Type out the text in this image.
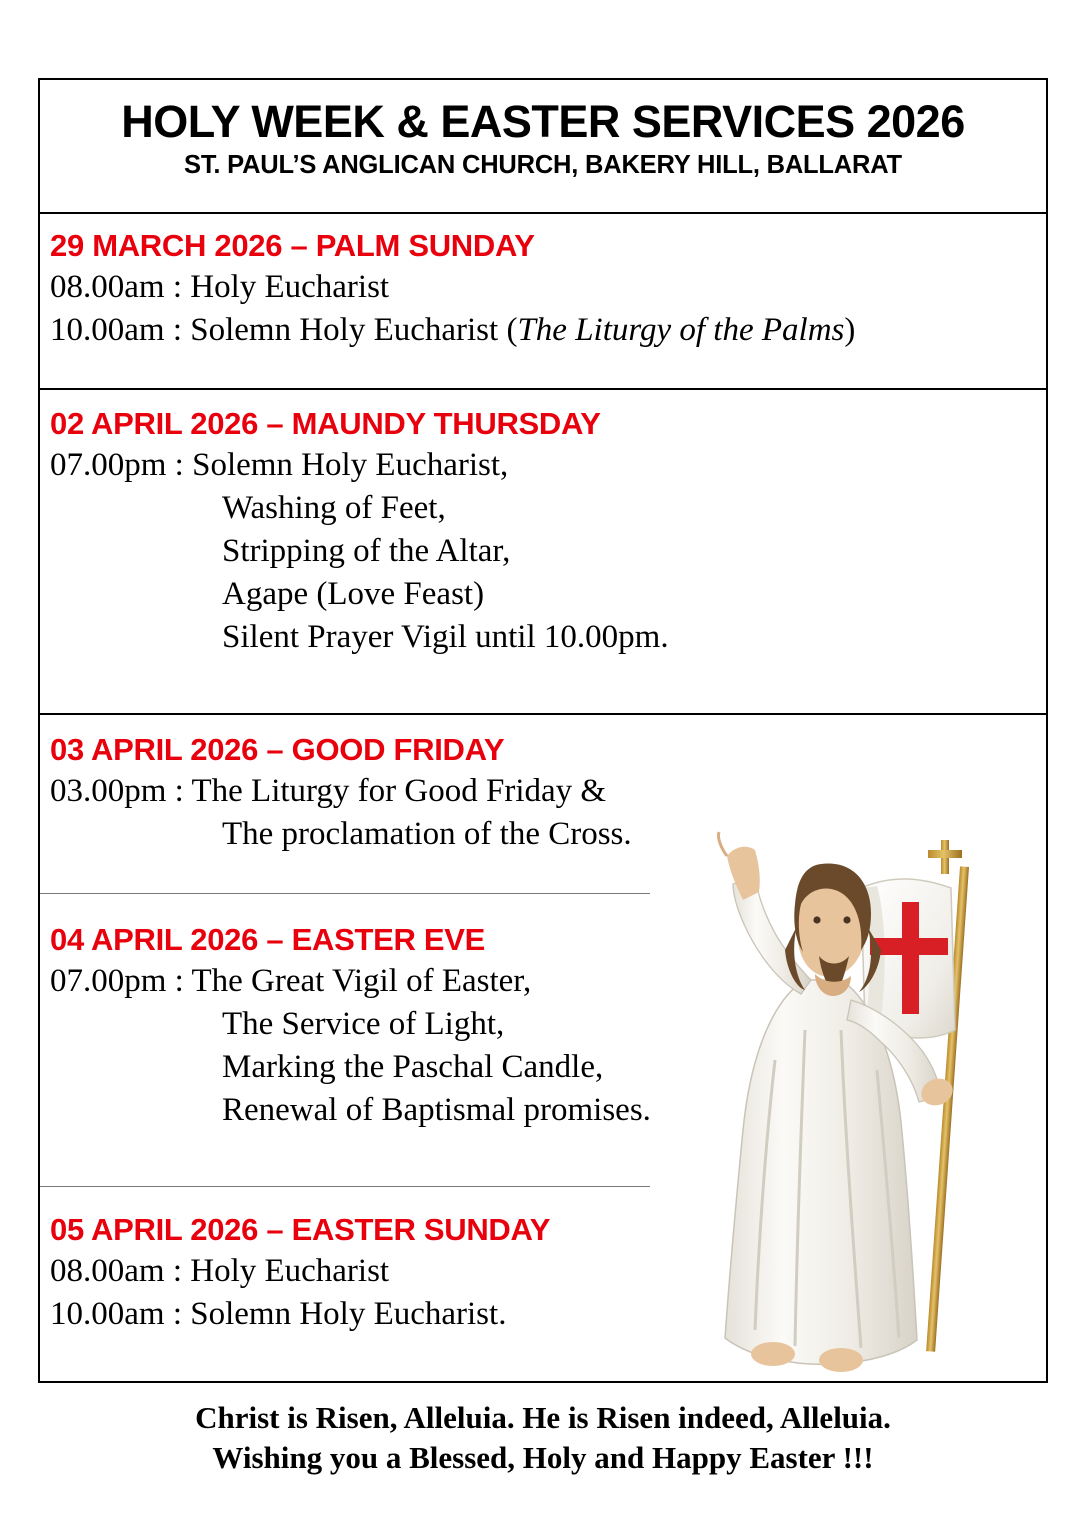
HOLY WEEK & EASTER SERVICES 2026
ST. PAUL’S ANGLICAN CHURCH, BAKERY HILL, BALLARAT
29 MARCH 2026 – PALM SUNDAY
08.00am : Holy Eucharist
10.00am : Solemn Holy Eucharist (The Liturgy of the Palms)
02 APRIL 2026 – MAUNDY THURSDAY
07.00pm : Solemn Holy Eucharist,
Washing of Feet,
Stripping of the Altar,
Agape (Love Feast)
Silent Prayer Vigil until 10.00pm.
03 APRIL 2026 – GOOD FRIDAY
03.00pm : The Liturgy for Good Friday &
The proclamation of the Cross.
04 APRIL 2026 – EASTER EVE
07.00pm : The Great Vigil of Easter,
The Service of Light,
Marking the Paschal Candle,
Renewal of Baptismal promises.
05 APRIL 2026 – EASTER SUNDAY
08.00am : Holy Eucharist
10.00am : Solemn Holy Eucharist.
Christ is Risen, Alleluia. He is Risen indeed, Alleluia.
Wishing you a Blessed, Holy and Happy Easter !!!
